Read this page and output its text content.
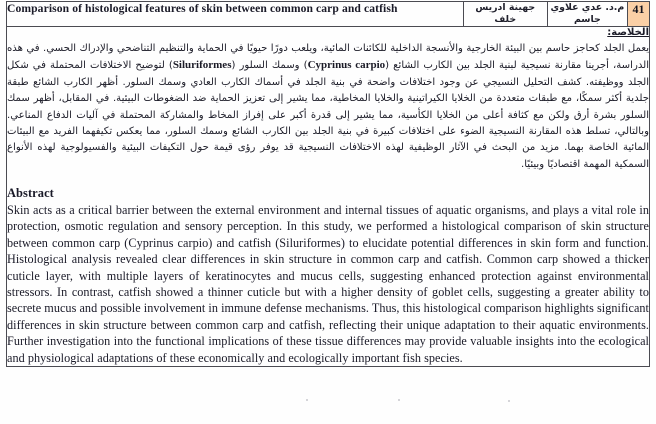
Comparison of histological features of skin between common carp and catfish	جهينة ادريس خلف	م.د. عدي علاوي جاسم	41

الخلاصة:

يعمل الجلد كحاجز حاسم بين البيئة الخارجية والأنسجة الداخلية للكائنات المائية، ويلعب دورًا حيويًا في الحماية والتنظيم التناضحي والإدراك الحسي. في هذه الدراسة، أجرينا مقارنة نسيجية لبنية الجلد بين الكارب الشائع (Cyprinus carpio) وسمك السلور (Siluriformes) لتوضيح الاختلافات المحتملة في شكل الجلد ووظيفته. كشف التحليل النسيجي عن وجود اختلافات واضحة في بنية الجلد في أسماك الكارب العادي وسمك السلور. أظهر الكارب الشائع طبقة جلدية أكثر سمكًا، مع طبقات متعددة من الخلايا الكيراتينية والخلايا المخاطية، مما يشير إلى تعزيز الحماية ضد الضغوطات البيئية. في المقابل، أظهر سمك السلور بشرة أرق ولكن مع كثافة أعلى من الخلايا الكأسية، مما يشير إلى قدرة أكبر على إفراز المخاط والمشاركة المحتملة في آليات الدفاع المناعي. وبالتالي، تسلط هذه المقارنة النسيجية الضوء على اختلافات كبيرة في بنية الجلد بين الكارب الشائع وسمك السلور، مما يعكس تكيفهما الفريد مع البيئات المائية الخاصة بهما. مزيد من البحث في الآثار الوظيفية لهذه الاختلافات النسيجية قد يوفر رؤى قيمة حول التكيفات البيئية والفسيولوجية لهذه الأنواع السمكية المهمة اقتصاديًا وبيئيًا.

Abstract

Skin acts as a critical barrier between the external environment and internal tissues of aquatic organisms, and plays a vital role in protection, osmotic regulation and sensory perception. In this study, we performed a histological comparison of skin structure between common carp (Cyprinus carpio) and catfish (Siluriformes) to elucidate potential differences in skin form and function. Histological analysis revealed clear differences in skin structure in common carp and catfish. Common carp showed a thicker cuticle layer, with multiple layers of keratinocytes and mucus cells, suggesting enhanced protection against environmental stressors. In contrast, catfish showed a thinner cuticle but with a higher density of goblet cells, suggesting a greater ability to secrete mucus and possible involvement in immune defense mechanisms. Thus, this histological comparison highlights significant differences in skin structure between common carp and catfish, reflecting their unique adaptation to their aquatic environments. Further investigation into the functional implications of these tissue differences may provide valuable insights into the ecological and physiological adaptations of these economically and ecologically important fish species.
